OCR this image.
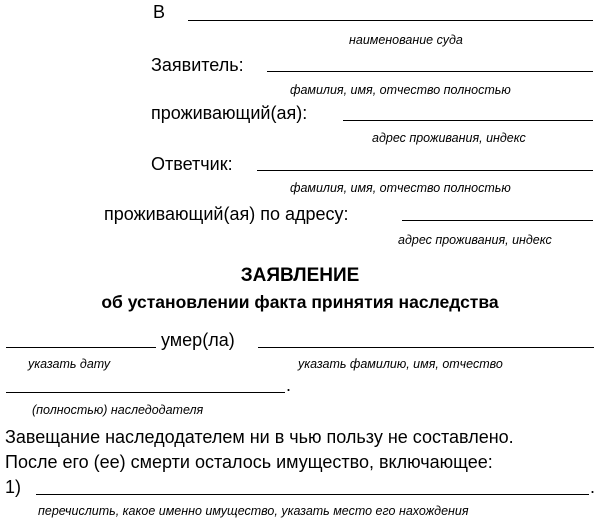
В
наименование суда
Заявитель:
фамилия, имя, отчество полностью
проживающий(ая):
адрес проживания, индекс
Ответчик:
фамилия, имя, отчество полностью
проживающий(ая) по адресу:
адрес проживания, индекс
ЗАЯВЛЕНИЕ
об установлении факта принятия наследства
умер(ла)
указать дату	указать фамилию, имя, отчество
.
(полностью) наследодателя
Завещание наследодателем ни в чью пользу не составлено.
После его (ее) смерти осталось имущество, включающее:
1)	.
перечислить, какое именно имущество, указать место его нахождения
